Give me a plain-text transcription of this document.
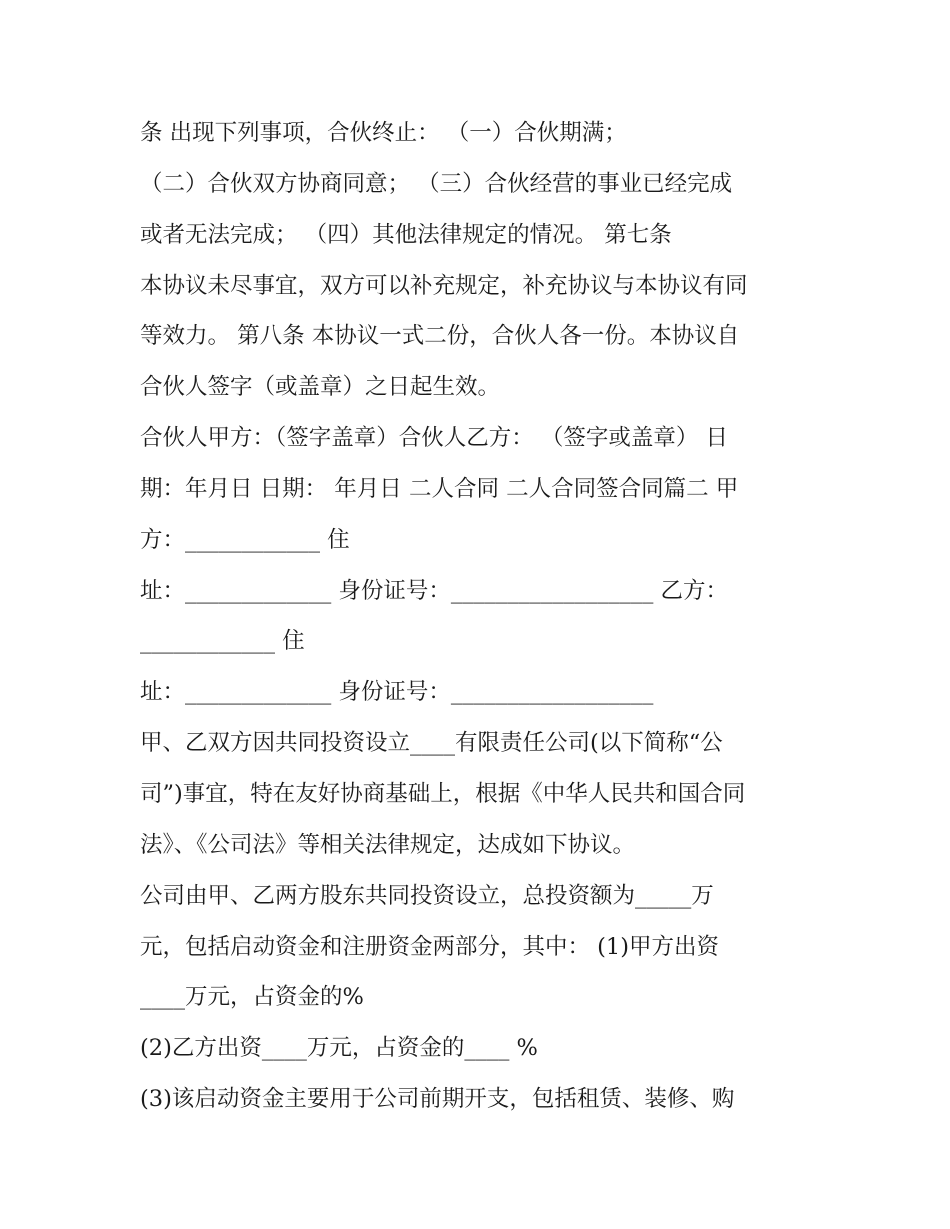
条 出现下列事项，合伙终止： （一）合伙期满；
（二）合伙双方协商同意； （三）合伙经营的事业已经完成
或者无法完成； （四）其他法律规定的情况。 第七条
本协议未尽事宜，双方可以补充规定，补充协议与本协议有同
等效力。 第八条 本协议一式二份，合伙人各一份。本协议自
合伙人签字（或盖章）之日起生效。
合伙人甲方：（签字盖章）合伙人乙方： （签字或盖章） 日
期：年月日 日期： 年月日 二人合同 二人合同签合同篇二 甲
方：____________ 住
址：_____________ 身份证号：__________________ 乙方：
____________ 住
址：_____________ 身份证号：__________________
甲、乙双方因共同投资设立____有限责任公司(以下简称“公
司”)事宜，特在友好协商基础上，根据《中华人民共和国合同
法》、《公司法》等相关法律规定，达成如下协议。
公司由甲、乙两方股东共同投资设立，总投资额为_____万
元，包括启动资金和注册资金两部分，其中： (1)甲方出资
____万元，占资金的%
(2)乙方出资____万元，占资金的____ %
(3)该启动资金主要用于公司前期开支，包括租赁、装修、购
